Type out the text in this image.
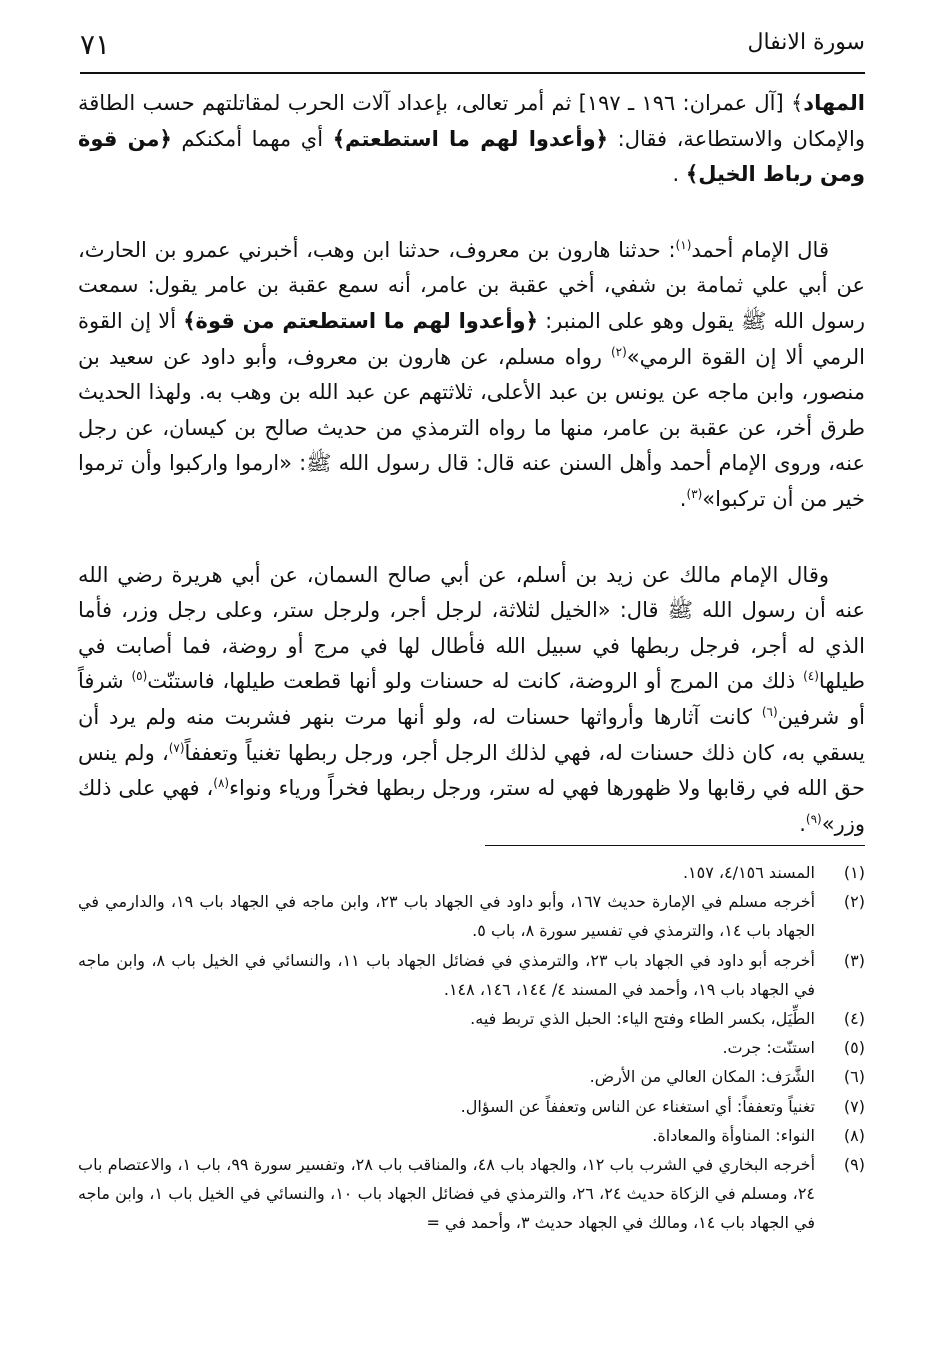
سورة الانفال
٧١

المهاد﴾ [آل عمران: ١٩٦ ـ ١٩٧] ثم أمر تعالى، بإعداد آلات الحرب لمقاتلتهم حسب الطاقة والإمكان والاستطاعة، فقال: ﴿وأعدوا لهم ما استطعتم﴾ أي مهما أمكنكم ﴿من قوة ومن رباط الخيل﴾ .

قال الإمام أحمد$^{(١)}$: حدثنا هارون بن معروف، حدثنا ابن وهب، أخبرني عمرو بن الحارث، عن أبي علي ثمامة بن شفي، أخي عقبة بن عامر، أنه سمع عقبة بن عامر يقول: سمعت رسول الله ﷺ يقول وهو على المنبر: ﴿وأعدوا لهم ما استطعتم من قوة﴾ ألا إن القوة الرمي ألا إن القوة الرمي»$^{(٢)}$ رواه مسلم، عن هارون بن معروف، وأبو داود عن سعيد بن منصور، وابن ماجه عن يونس بن عبد الأعلى، ثلاثتهم عن عبد الله بن وهب به. ولهذا الحديث طرق أخر، عن عقبة بن عامر، منها ما رواه الترمذي من حديث صالح بن كيسان، عن رجل عنه، وروى الإمام أحمد وأهل السنن عنه قال: قال رسول الله ﷺ: «ارموا واركبوا وأن ترموا خير من أن تركبوا»$^{(٣)}$.

وقال الإمام مالك عن زيد بن أسلم، عن أبي صالح السمان، عن أبي هريرة رضي الله عنه أن رسول الله ﷺ قال: «الخيل لثلاثة، لرجل أجر، ولرجل ستر، وعلى رجل وزر، فأما الذي له أجر، فرجل ربطها في سبيل الله فأطال لها في مرج أو روضة، فما أصابت في طيلها$^{(٤)}$ ذلك من المرج أو الروضة، كانت له حسنات ولو أنها قطعت طيلها، فاستنّت$^{(٥)}$ شرفاً أو شرفين$^{(٦)}$ كانت آثارها وأرواثها حسنات له، ولو أنها مرت بنهر فشربت منه ولم يرد أن يسقي به، كان ذلك حسنات له، فهي لذلك الرجل أجر، ورجل ربطها تغنياً وتعففاً$^{(٧)}$، ولم ينس حق الله في رقابها ولا ظهورها فهي له ستر، ورجل ربطها فخراً ورياء ونواء$^{(٨)}$، فهي على ذلك وزر»$^{(٩)}$.

(١)
المسند ٤/١٥٦، ١٥٧.
(٢)
أخرجه مسلم في الإمارة حديث ١٦٧، وأبو داود في الجهاد باب ٢٣، وابن ماجه في الجهاد باب ١٩، والدارمي في الجهاد باب ١٤، والترمذي في تفسير سورة ٨، باب ٥.
(٣)
أخرجه أبو داود في الجهاد باب ٢٣، والترمذي في فضائل الجهاد باب ١١، والنسائي في الخيل باب ٨، وابن ماجه في الجهاد باب ١٩، وأحمد في المسند ٤/ ١٤٤، ١٤٦، ١٤٨.
(٤)
الطِّيَل، بكسر الطاء وفتح الياء: الحبل الذي تربط فيه.
(٥)
استنّت: جرت.
(٦)
الشَّرَف: المكان العالي من الأرض.
(٧)
تغنياً وتعففاً: أي استغناء عن الناس وتعففاً عن السؤال.
(٨)
النواء: المناوأة والمعاداة.
(٩)
أخرجه البخاري في الشرب باب ١٢، والجهاد باب ٤٨، والمناقب باب ٢٨، وتفسير سورة ٩٩، باب ١، والاعتصام باب ٢٤، ومسلم في الزكاة حديث ٢٤، ٢٦، والترمذي في فضائل الجهاد باب ١٠، والنسائي في الخيل باب ١، وابن ماجه في الجهاد باب ١٤، ومالك في الجهاد حديث ٣، وأحمد في =
